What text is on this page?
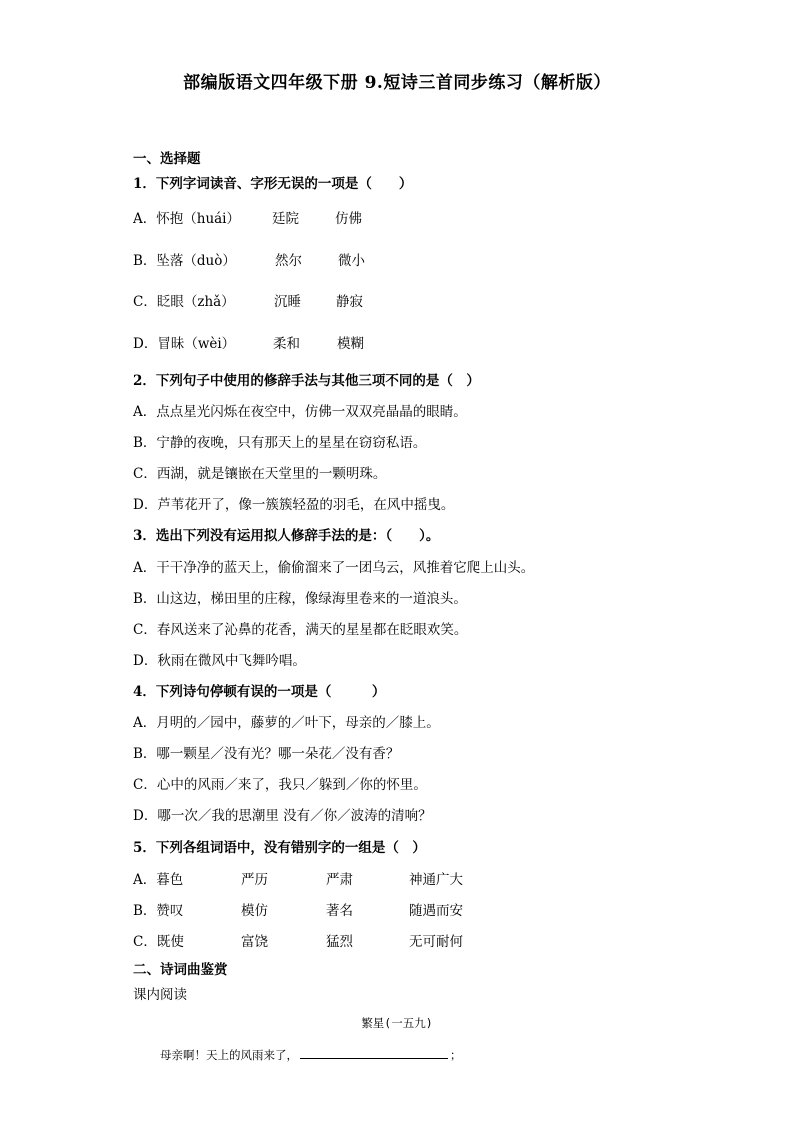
部编版语文四年级下册 9.短诗三首同步练习（解析版）
一、选择题
1．下列字词读音、字形无误的一项是（　　）
A．怀抱（huái） 廷院	仿佛
B．坠落（duò）	然尔	微小
C．眨眼（zhǎ）	沉睡	静寂
D．冒昧（wèi）	柔和	模糊
2．下列句子中使用的修辞手法与其他三项不同的是（　）
A．点点星光闪烁在夜空中，仿佛一双双亮晶晶的眼睛。
B．宁静的夜晚，只有那天上的星星在窃窃私语。
C．西湖，就是镶嵌在天堂里的一颗明珠。
D．芦苇花开了，像一簇簇轻盈的羽毛，在风中摇曳。
3．选出下列没有运用拟人修辞手法的是：（　　）。
A．干干净净的蓝天上，偷偷溜来了一团乌云，风推着它爬上山头。
B．山这边，梯田里的庄稼，像绿海里卷来的一道浪头。
C．春风送来了沁鼻的花香，满天的星星都在眨眼欢笑。
D．秋雨在微风中飞舞吟唱。
4．下列诗句停顿有误的一项是（　　　）
A．月明的／园中，藤萝的／叶下，母亲的／膝上。
B．哪一颗星／没有光？哪一朵花／没有香？
C．心中的风雨／来了，我只／躲到／你的怀里。
D．哪一次／我的思潮里 没有／你／波涛的清响？
5．下列各组词语中，没有错别字的一组是（　）
A．暮色	严历	严肃	神通广大
B．赞叹	模仿	著名	随遇而安
C．既使	富饶	猛烈	无可耐何
二、诗词曲鉴赏
课内阅读
繁星(一五九)
母亲啊！天上的风雨来了，	；
